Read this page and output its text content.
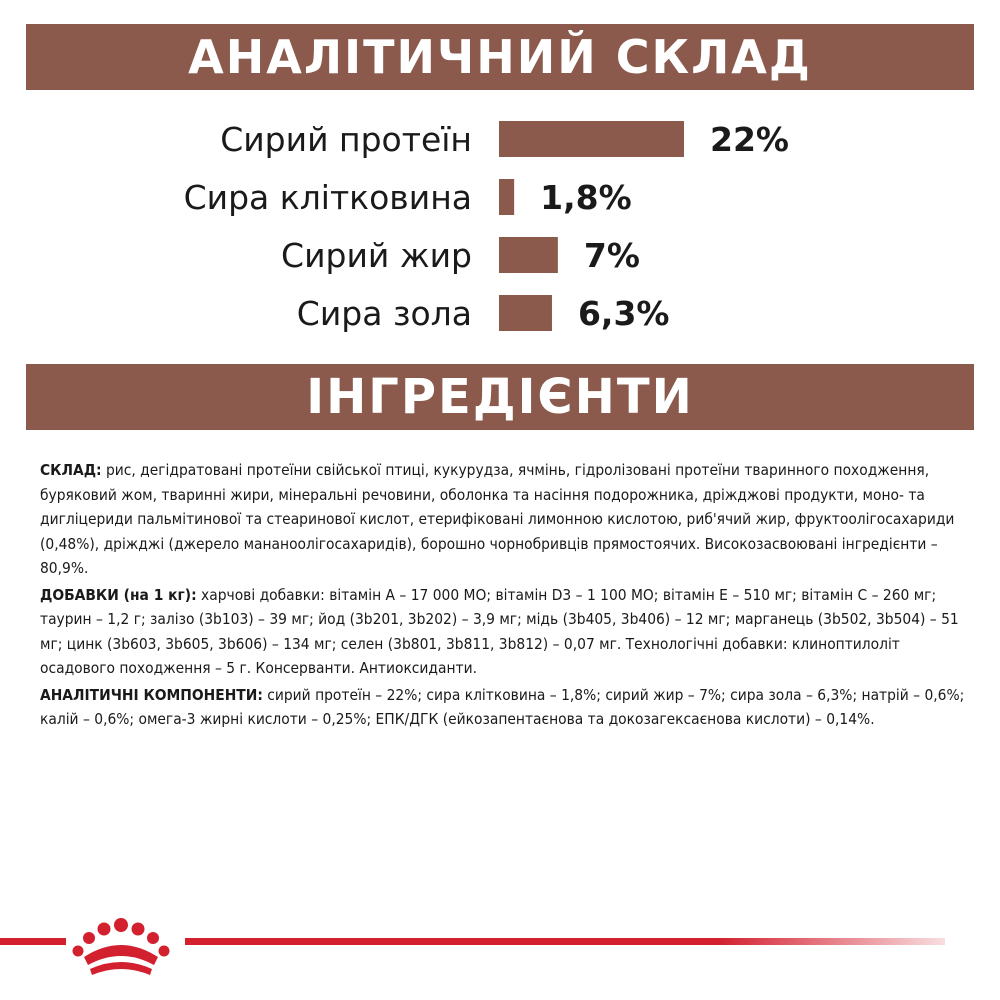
АНАЛІТИЧНИЙ СКЛАД
Сирий протеїн	22%
Сира клітковина 1,8%
Сирий жир	7%
Сира зола	6,3%
ІНГРЕДІЄНТИ

СКЛАД: рис, дегідратовані протеїни свійської птиці, кукурудза, ячмінь, гідролізовані протеїни тваринного походження, буряковий жом, тваринні жири, мінеральні речовини, оболонка та насіння подорожника, дріжджові продукти, моно- та дигліцериди пальмітинової та стеаринової кислот, етерифіковані лимонною кислотою, риб'ячий жир, фруктоолігосахариди (0,48%), дріжджі (джерело мананоолігосахаридів), борошно чорнобривців прямостоячих. Високозасвоювані інгредієнти – 80,9%.

ДОБАВКИ (на 1 кг): харчові добавки: вітамін А – 17 000 МО; вітамін D3 – 1 100 МО; вітамін Е – 510 мг; вітамін С – 260 мг; таурин – 1,2 г; залізо (3b103) – 39 мг; йод (3b201, 3b202) – 3,9 мг; мідь (3b405, 3b406) – 12 мг; марганець (3b502, 3b504) – 51 мг; цинк (3b603, 3b605, 3b606) – 134 мг; селен (3b801, 3b811, 3b812) – 0,07 мг. Технологічні добавки: клиноптилоліт осадового походження – 5 г. Консерванти. Антиоксиданти.

АНАЛІТИЧНІ КОМПОНЕНТИ: сирий протеїн – 22%; сира клітковина – 1,8%; сирий жир – 7%; сира зола – 6,3%; натрій – 0,6%; калій – 0,6%; омега-3 жирні кислоти – 0,25%; ЕПК/ДГК (ейкозапентаєнова та докозагексаєнова кислоти) – 0,14%.
